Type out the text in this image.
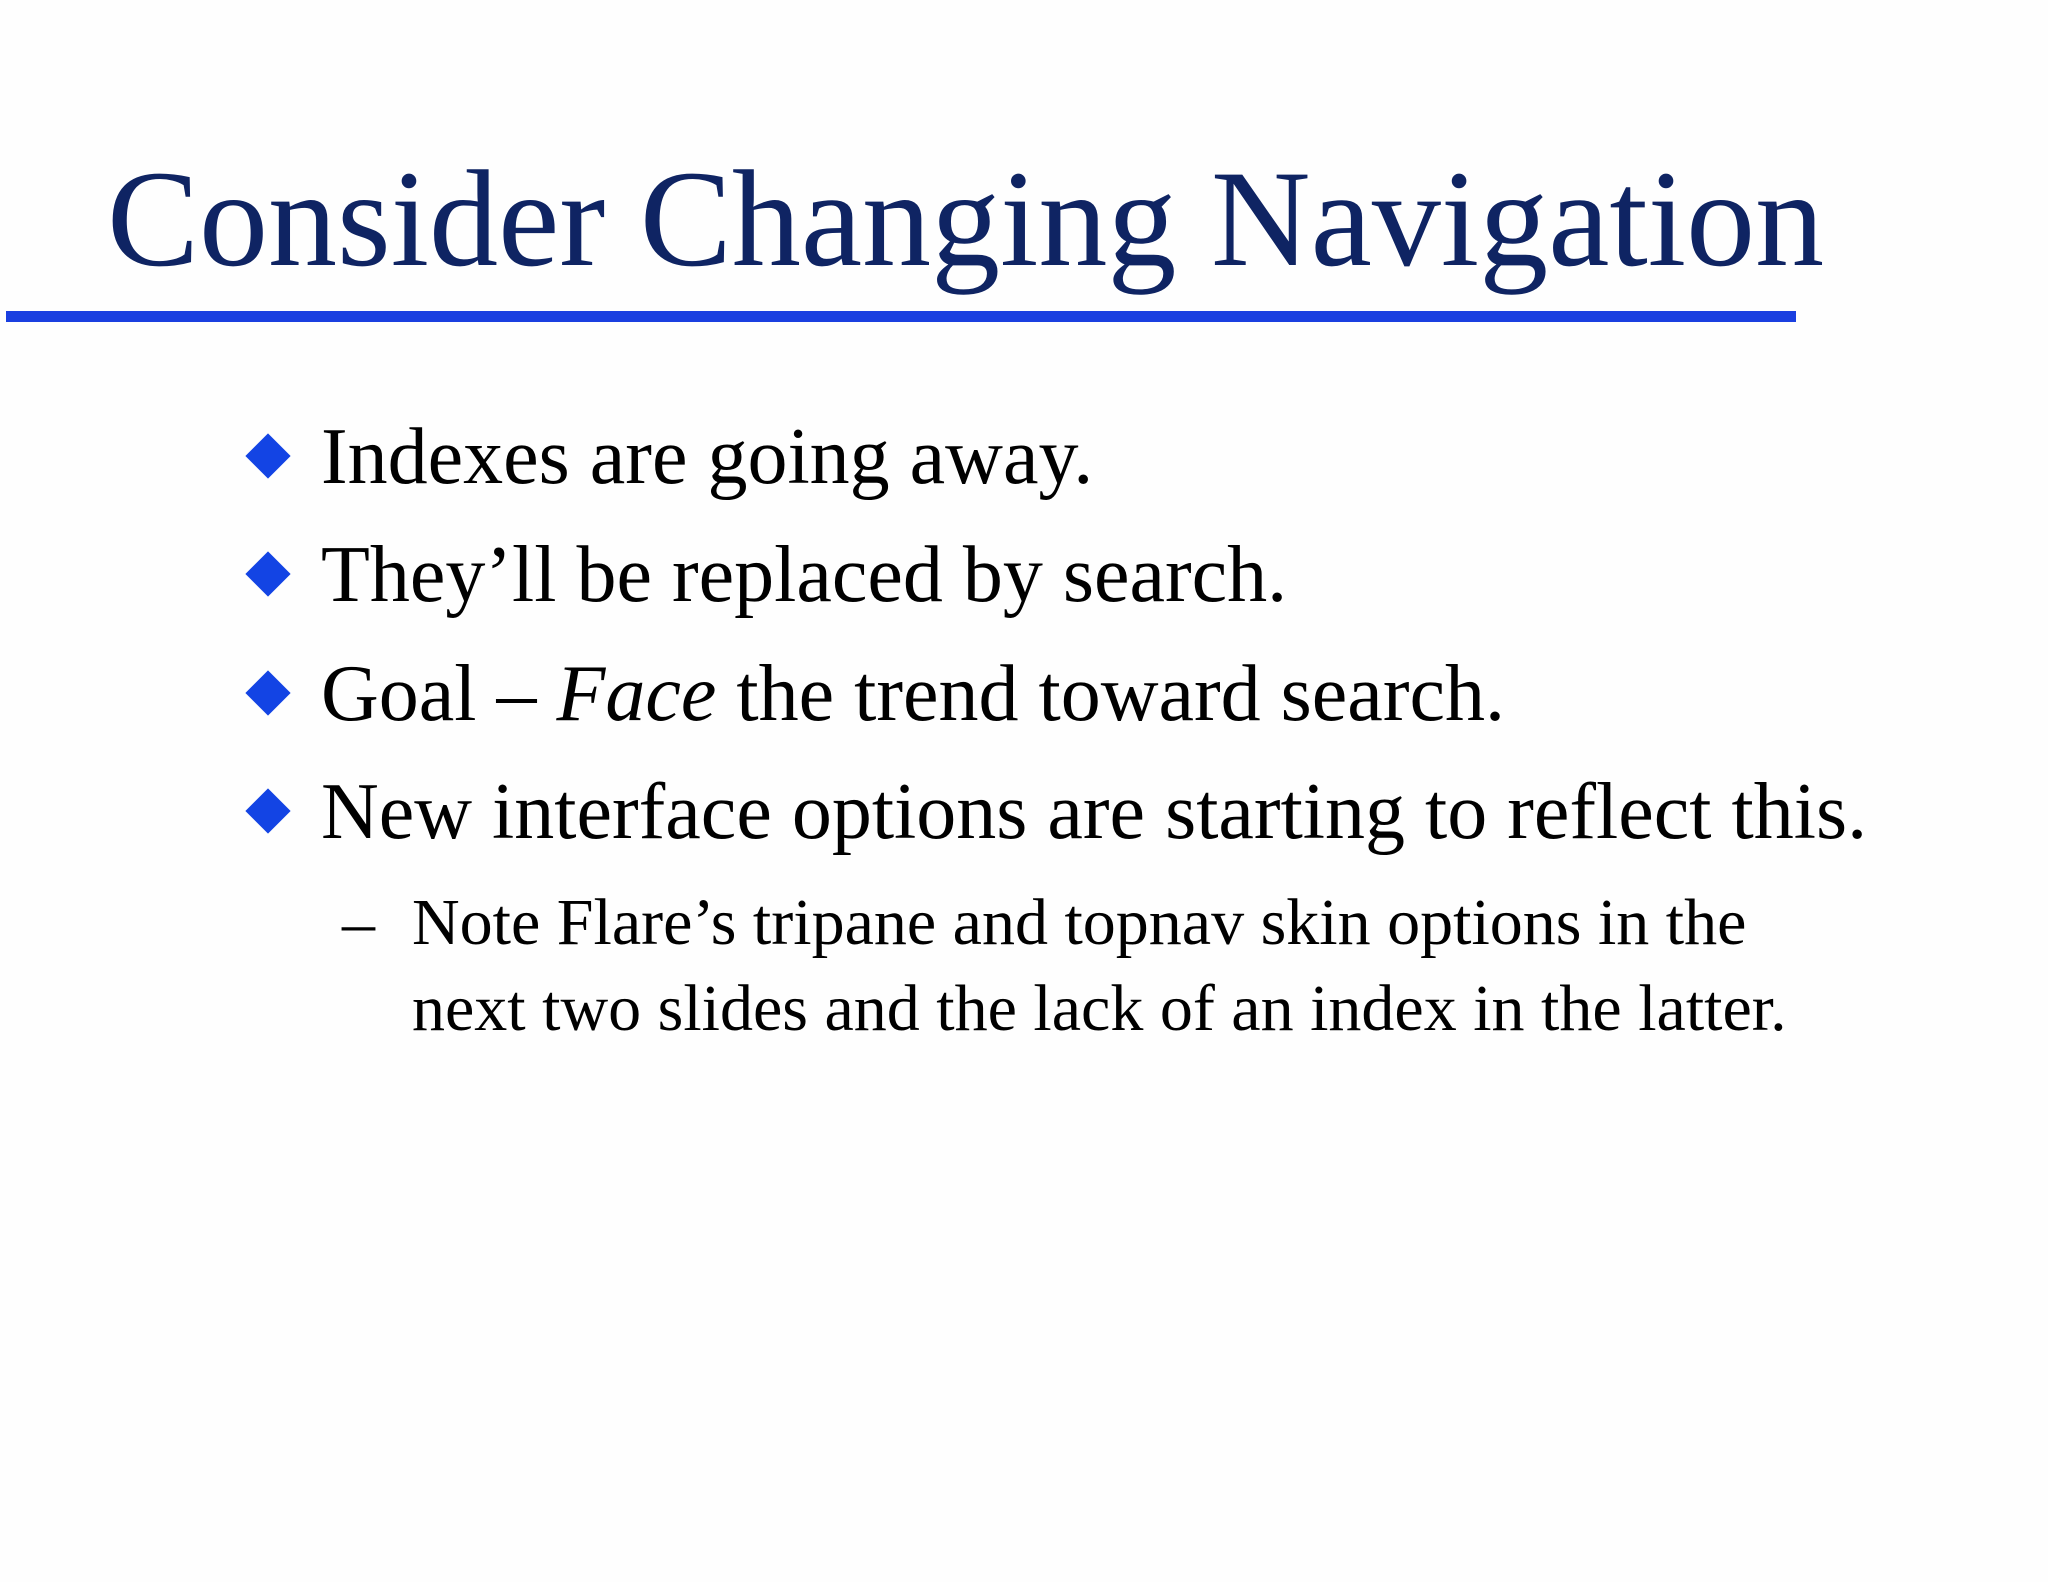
Consider Changing Navigation
Indexes are going away.
They’ll be replaced by search.
Goal – Face the trend toward search.
New interface options are starting to reflect this.
– Note Flare’s tripane and topnav skin options in the
next two slides and the lack of an index in the latter.
